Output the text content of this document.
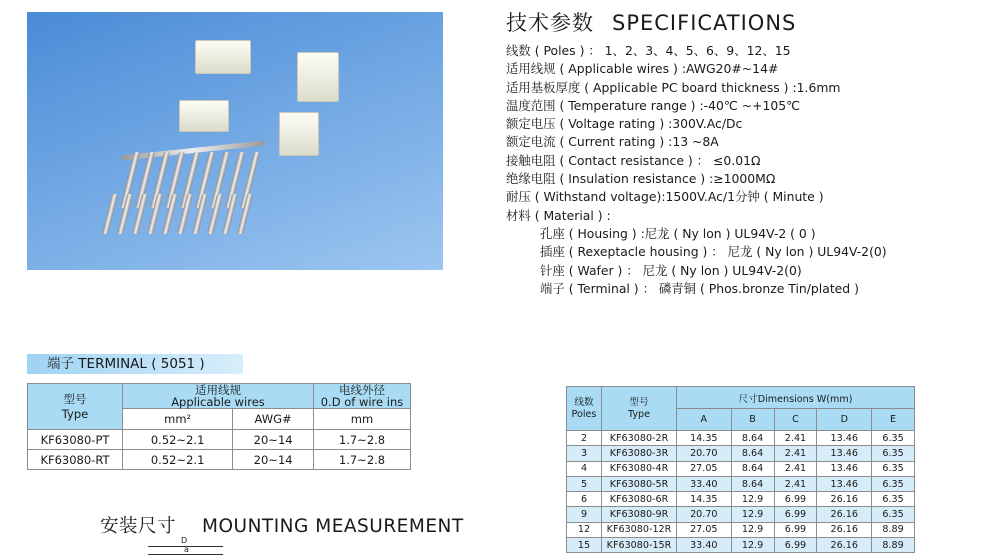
技术参数 SPECIFICATIONS
线数 ( Poles ) ： 1、2、3、4、5、6、9、12、15
适用线规 ( Applicable wires ) :AWG20#~14#
适用基板厚度 ( Applicable PC board thickness ) :1.6mm
温度范围 ( Temperature range ) :-40℃ ~+105℃
额定电压 ( Voltage rating ) :300V.Ac/Dc
额定电流 ( Current rating ) :13 ~8A
接触电阻 ( Contact resistance ) ： ≤0.01Ω
绝缘电阻 ( Insulation resistance ) :≥1000MΩ
耐压 ( Withstand voltage):1500V.Ac/1分钟 ( Minute )
材料 ( Material ) :
孔座 ( Housing ) :尼龙 ( Ny lon ) UL94V-2 ( 0 )
插座 ( Rexeptacle housing ) ： 尼龙 ( Ny lon ) UL94V-2(0)
针座 ( Wafer ) ： 尼龙 ( Ny lon ) UL94V-2(0)
端子 ( Terminal ) ： 磷青铜 ( Phos.bronze Tin/plated )
端子 TERMINAL ( 5051 )
型号
Type	适用线规
Applicable wires		电线外径
0.D of wire ins
	mm²	AWG#	mm
KF63080-PT	0.52~2.1	20~14	1.7~2.8
KF63080-RT	0.52~2.1	20~14	1.7~2.8
线数
Poles	型号
Type	尺寸Dimensions W(mm)				
		A	B	C	D	E
2	KF63080-2R	14.35	8.64	2.41	13.46	6.35
3	KF63080-3R	20.70	8.64	2.41	13.46	6.35
4	KF63080-4R	27.05	8.64	2.41	13.46	6.35
5	KF63080-5R	33.40	8.64	2.41	13.46	6.35
6	KF63080-6R	14.35	12.9	6.99	26.16	6.35
9	KF63080-9R	20.70	12.9	6.99	26.16	6.35
12	KF63080-12R	27.05	12.9	6.99	26.16	8.89
15	KF63080-15R	33.40	12.9	6.99	26.16	8.89
安装尺寸 MOUNTING MEASUREMENT
D
a
